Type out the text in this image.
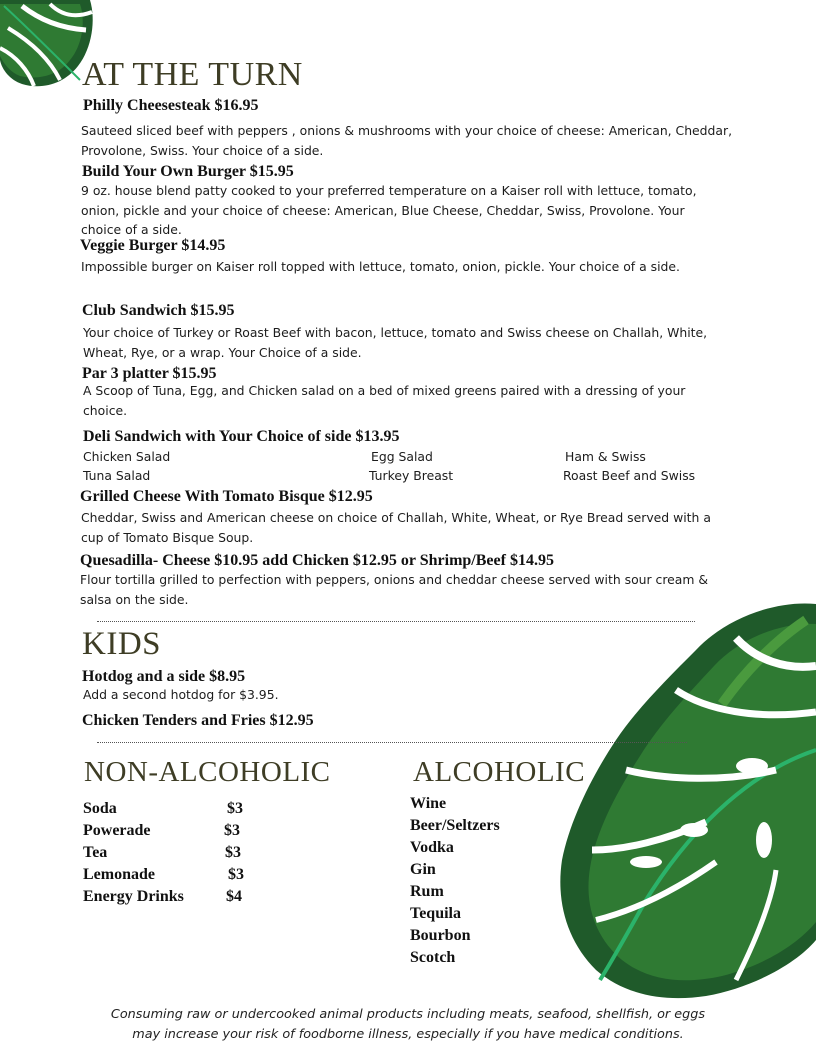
AT THE TURN
Philly Cheesesteak $16.95
Sauteed sliced beef with peppers , onions & mushrooms with your choice of cheese: American, Cheddar, Provolone, Swiss. Your choice of a side.
Build Your Own Burger $15.95
9 oz. house blend patty cooked to your preferred temperature on a Kaiser roll with lettuce, tomato, onion, pickle and your choice of cheese: American, Blue Cheese, Cheddar, Swiss, Provolone. Your choice of a side.
Veggie Burger $14.95
Impossible burger on Kaiser roll topped with lettuce, tomato, onion, pickle. Your choice of a side.
Club Sandwich $15.95
Your choice of Turkey or Roast Beef with bacon, lettuce, tomato and Swiss cheese on Challah, White, Wheat, Rye, or a wrap. Your Choice of a side.
Par 3 platter $15.95
A Scoop of Tuna, Egg, and Chicken salad on a bed of mixed greens paired with a dressing of your choice.
Deli Sandwich with Your Choice of side $13.95
Chicken Salad	Egg Salad	Ham & Swiss
Tuna Salad	Turkey Breast	Roast Beef and Swiss
Grilled Cheese With Tomato Bisque $12.95
Cheddar, Swiss and American cheese on choice of Challah, White, Wheat, or Rye Bread served with a cup of Tomato Bisque Soup.
Quesadilla- Cheese $10.95 add Chicken $12.95 or Shrimp/Beef $14.95
Flour tortilla grilled to perfection with peppers, onions and cheddar cheese served with sour cream & salsa on the side.
KIDS
Hotdog and a side $8.95
Add a second hotdog for $3.95.
Chicken Tenders and Fries $12.95
NON-ALCOHOLIC
Soda	$3
Powerade	$3
Tea	$3
Lemonade	$3
Energy Drinks	$4
ALCOHOLIC
Wine
Beer/Seltzers
Vodka
Gin
Rum
Tequila
Bourbon
Scotch
Consuming raw or undercooked animal products including meats, seafood, shellfish, or eggs
may increase your risk of foodborne illness, especially if you have medical conditions.
